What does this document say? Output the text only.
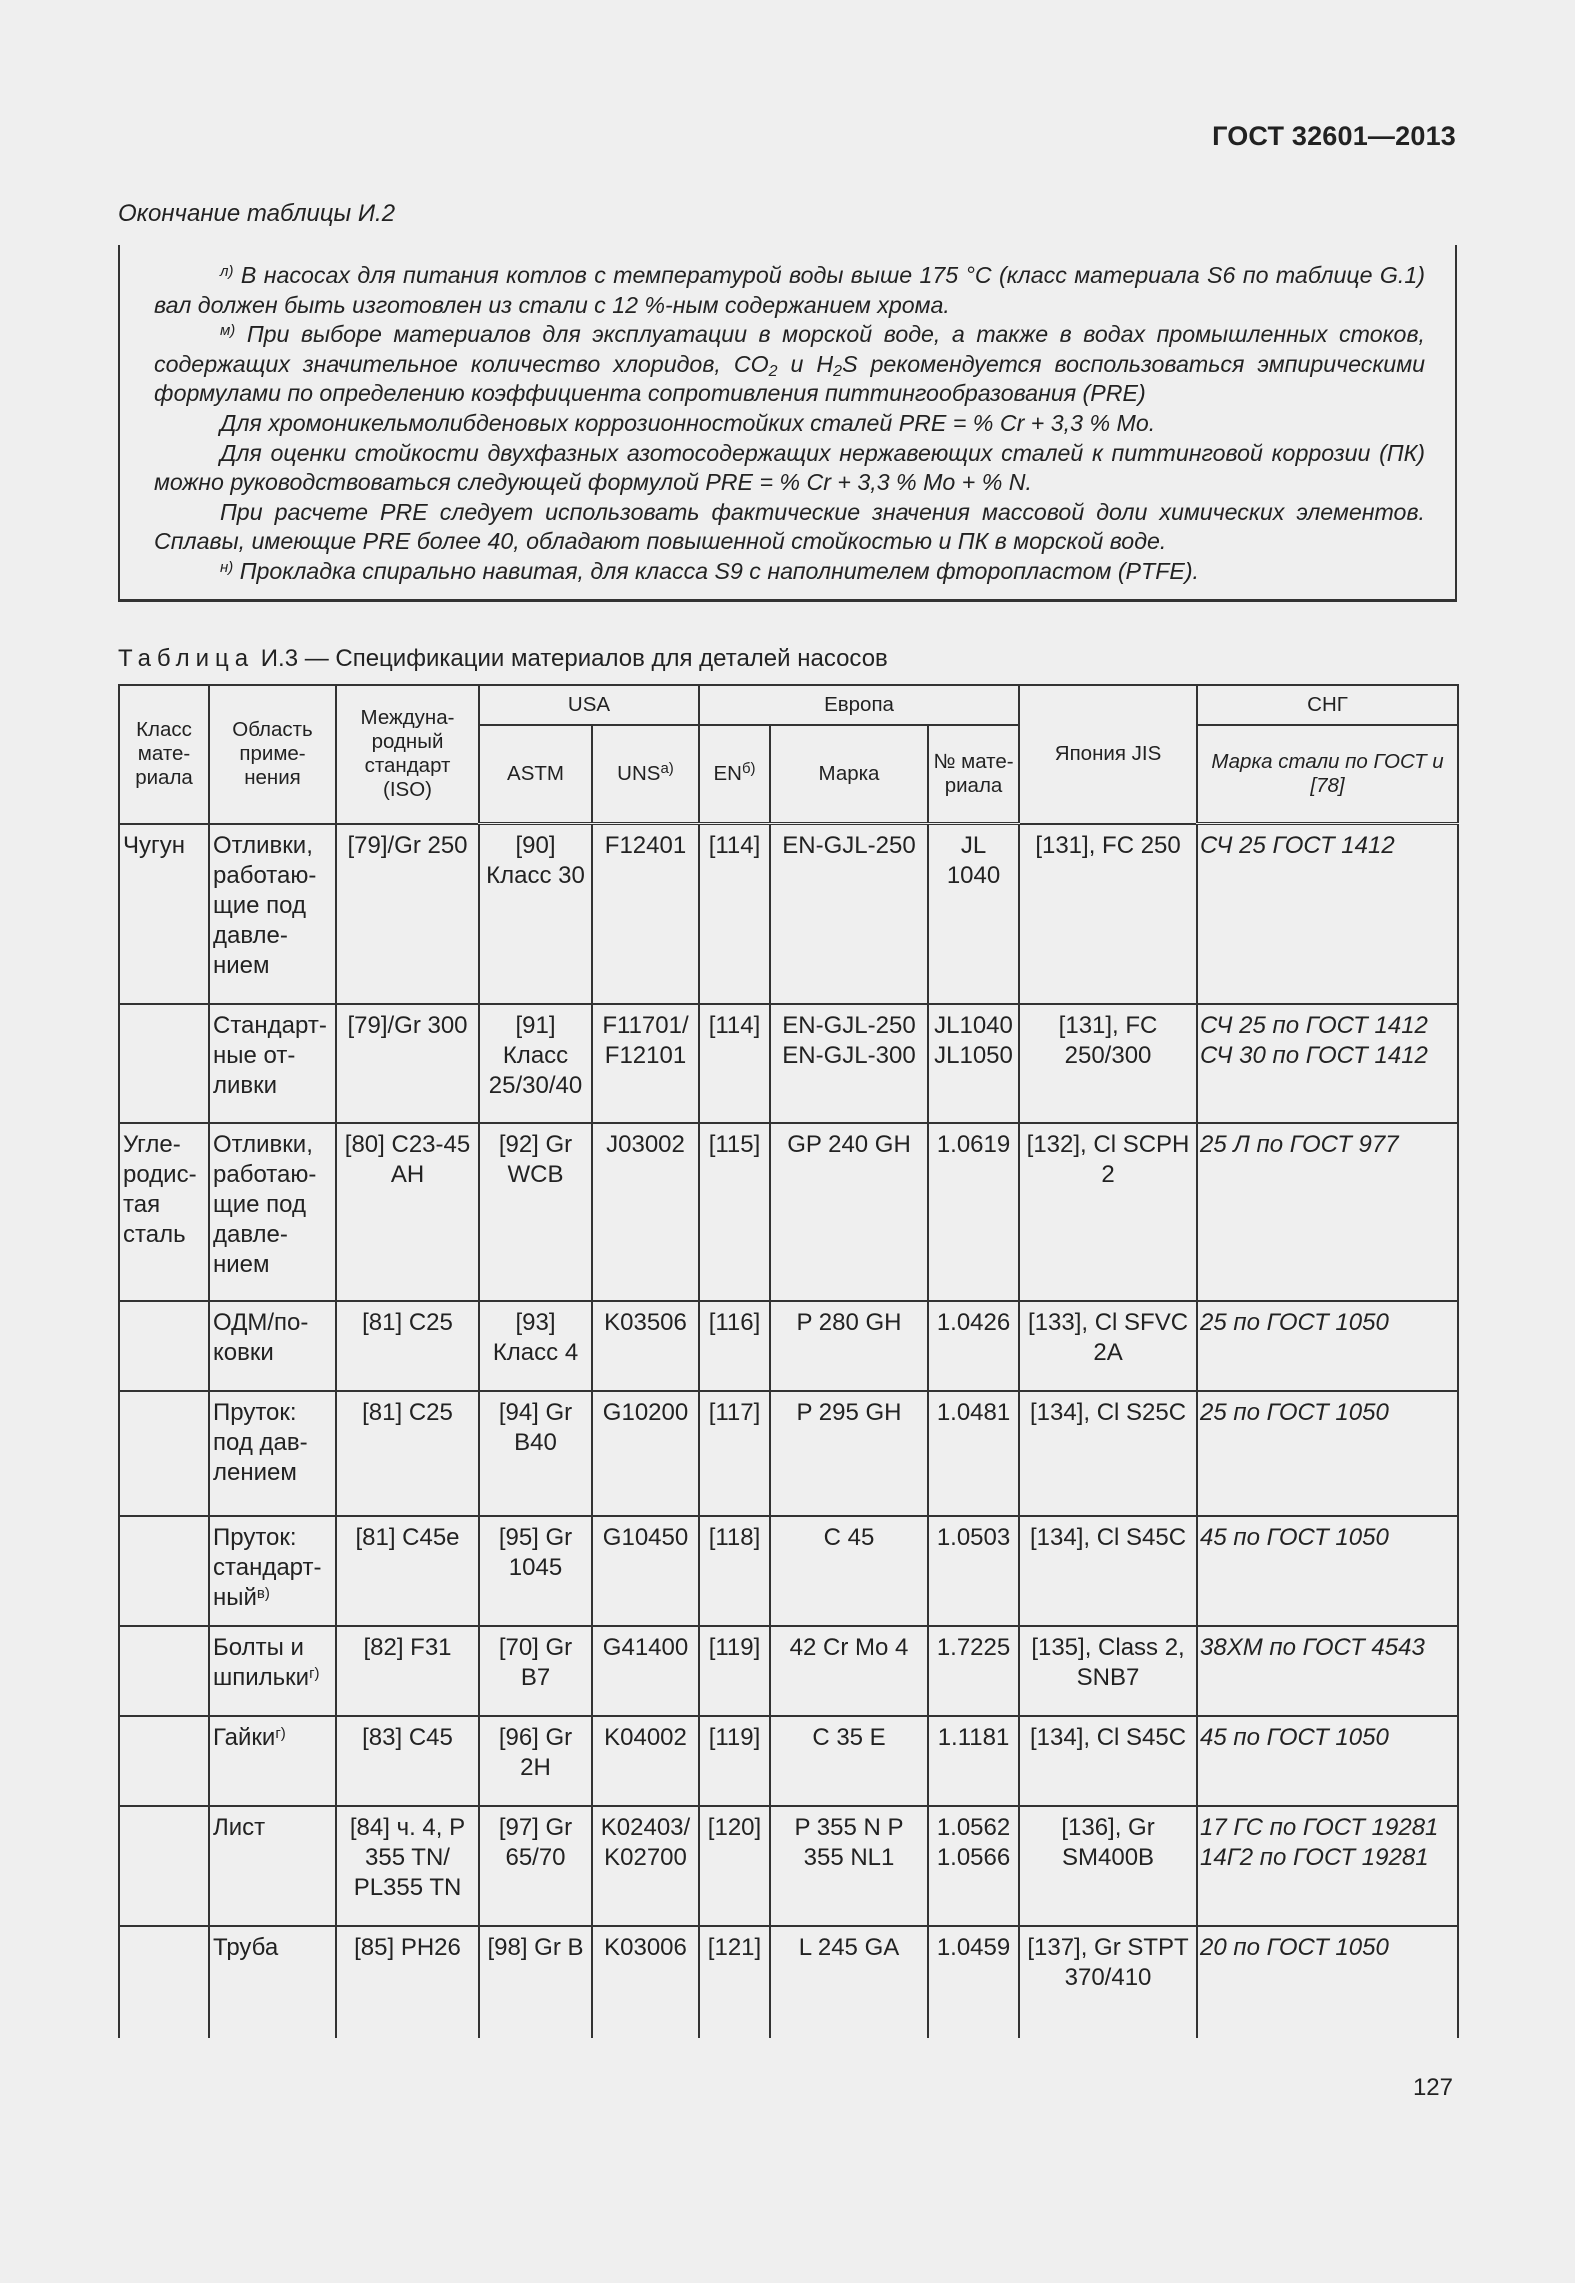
ГОСТ 32601—2013
Окончание таблицы И.2

$^{л)}$ В насосах для питания котлов с температурой воды выше 175 °C (класс материала S6 по таблице G.1) вал должен быть изготовлен из стали с 12 %-ным содержанием хрома.

$^{м)}$ При выборе материалов для эксплуатации в морской воде, а также в водах промышленных стоков, содержащих значительное количество хлоридов, $CO_2$ и $H_2S$ рекомендуется воспользоваться эмпирическими формулами по определению коэффициента сопротивления питтингообразования (PRE)

Для хромоникельмолибденовых коррозионностойких сталей PRE = % Cr + 3,3 % Mo.

Для оценки стойкости двухфазных азотосодержащих нержавеющих сталей к питтинговой коррозии (ПК) можно руководствоваться следующей формулой PRE = % Cr + 3,3 % Mo + % N.

При расчете PRE следует использовать фактические значения массовой доли химических элементов. Сплавы, имеющие PRE более 40, обладают повышенной стойкостью и ПК в морской воде.

$^{н)}$ Прокладка спирально навитая, для класса S9 с наполнителем фторопластом (PTFE).

Таблица И.3 — Спецификации материалов для деталей насосов
Класс мате-риала	Область приме-нения	Междуна-родный стандарт (ISO)	USA		Европа			Япония JIS	СНГ
			ASTM	$UNS^{а)}$	$EN^{б)}$	Марка	№ мате-риала		Марка стали по ГОСТ и [78]
Чугун	Отливки, работаю-щие под давле-нием	[79]/Gr 250	[90] Класс 30	F12401	[114]	EN-GJL-250	JL 1040	[131], FC 250	СЧ 25 ГОСТ 1412
	Стандарт-ные от-ливки	[79]/Gr 300	[91] Класс 25/30/40	F11701/ F12101	[114]	EN-GJL-250 EN-GJL-300	JL1040 JL1050	[131], FC 250/300	СЧ 25 по ГОСТ 1412 СЧ 30 по ГОСТ 1412
Угле-родис-тая сталь	Отливки, работаю-щие под давле-нием	[80] C23-45 AH	[92] Gr WCB	J03002	[115]	GP 240 GH	1.0619	[132], Cl SCPH 2	25 Л по ГОСТ 977
	ОДМ/по-ковки	[81] C25	[93] Класс 4	K03506	[116]	P 280 GH	1.0426	[133], Cl SFVC 2A	25 по ГОСТ 1050
	Пруток: под дав-лением	[81] C25	[94] Gr B40	G10200	[117]	P 295 GH	1.0481	[134], Cl S25C	25 по ГОСТ 1050
	Пруток: стандарт-ный$^{в)}$	[81] C45e	[95] Gr 1045	G10450	[118]	C 45	1.0503	[134], Cl S45C	45 по ГОСТ 1050
	Болты и шпильки$^{г)}$	[82] F31	[70] Gr B7	G41400	[119]	42 Cr Mo 4	1.7225	[135], Class 2, SNB7	38ХМ по ГОСТ 4543
	Гайки$^{г)}$	[83] C45	[96] Gr 2H	K04002	[119]	C 35 E	1.1181	[134], Cl S45C	45 по ГОСТ 1050
	Лист	[84] ч. 4, P 355 TN/ PL355 TN	[97] Gr 65/70	K02403/ K02700	[120]	P 355 N P 355 NL1	1.0562 1.0566	[136], Gr SM400B	17 ГС по ГОСТ 19281 14Г2 по ГОСТ 19281
	Труба	[85] PH26	[98] Gr B	K03006	[121]	L 245 GA	1.0459	[137], Gr STPT 370/410	20 по ГОСТ 1050
127
